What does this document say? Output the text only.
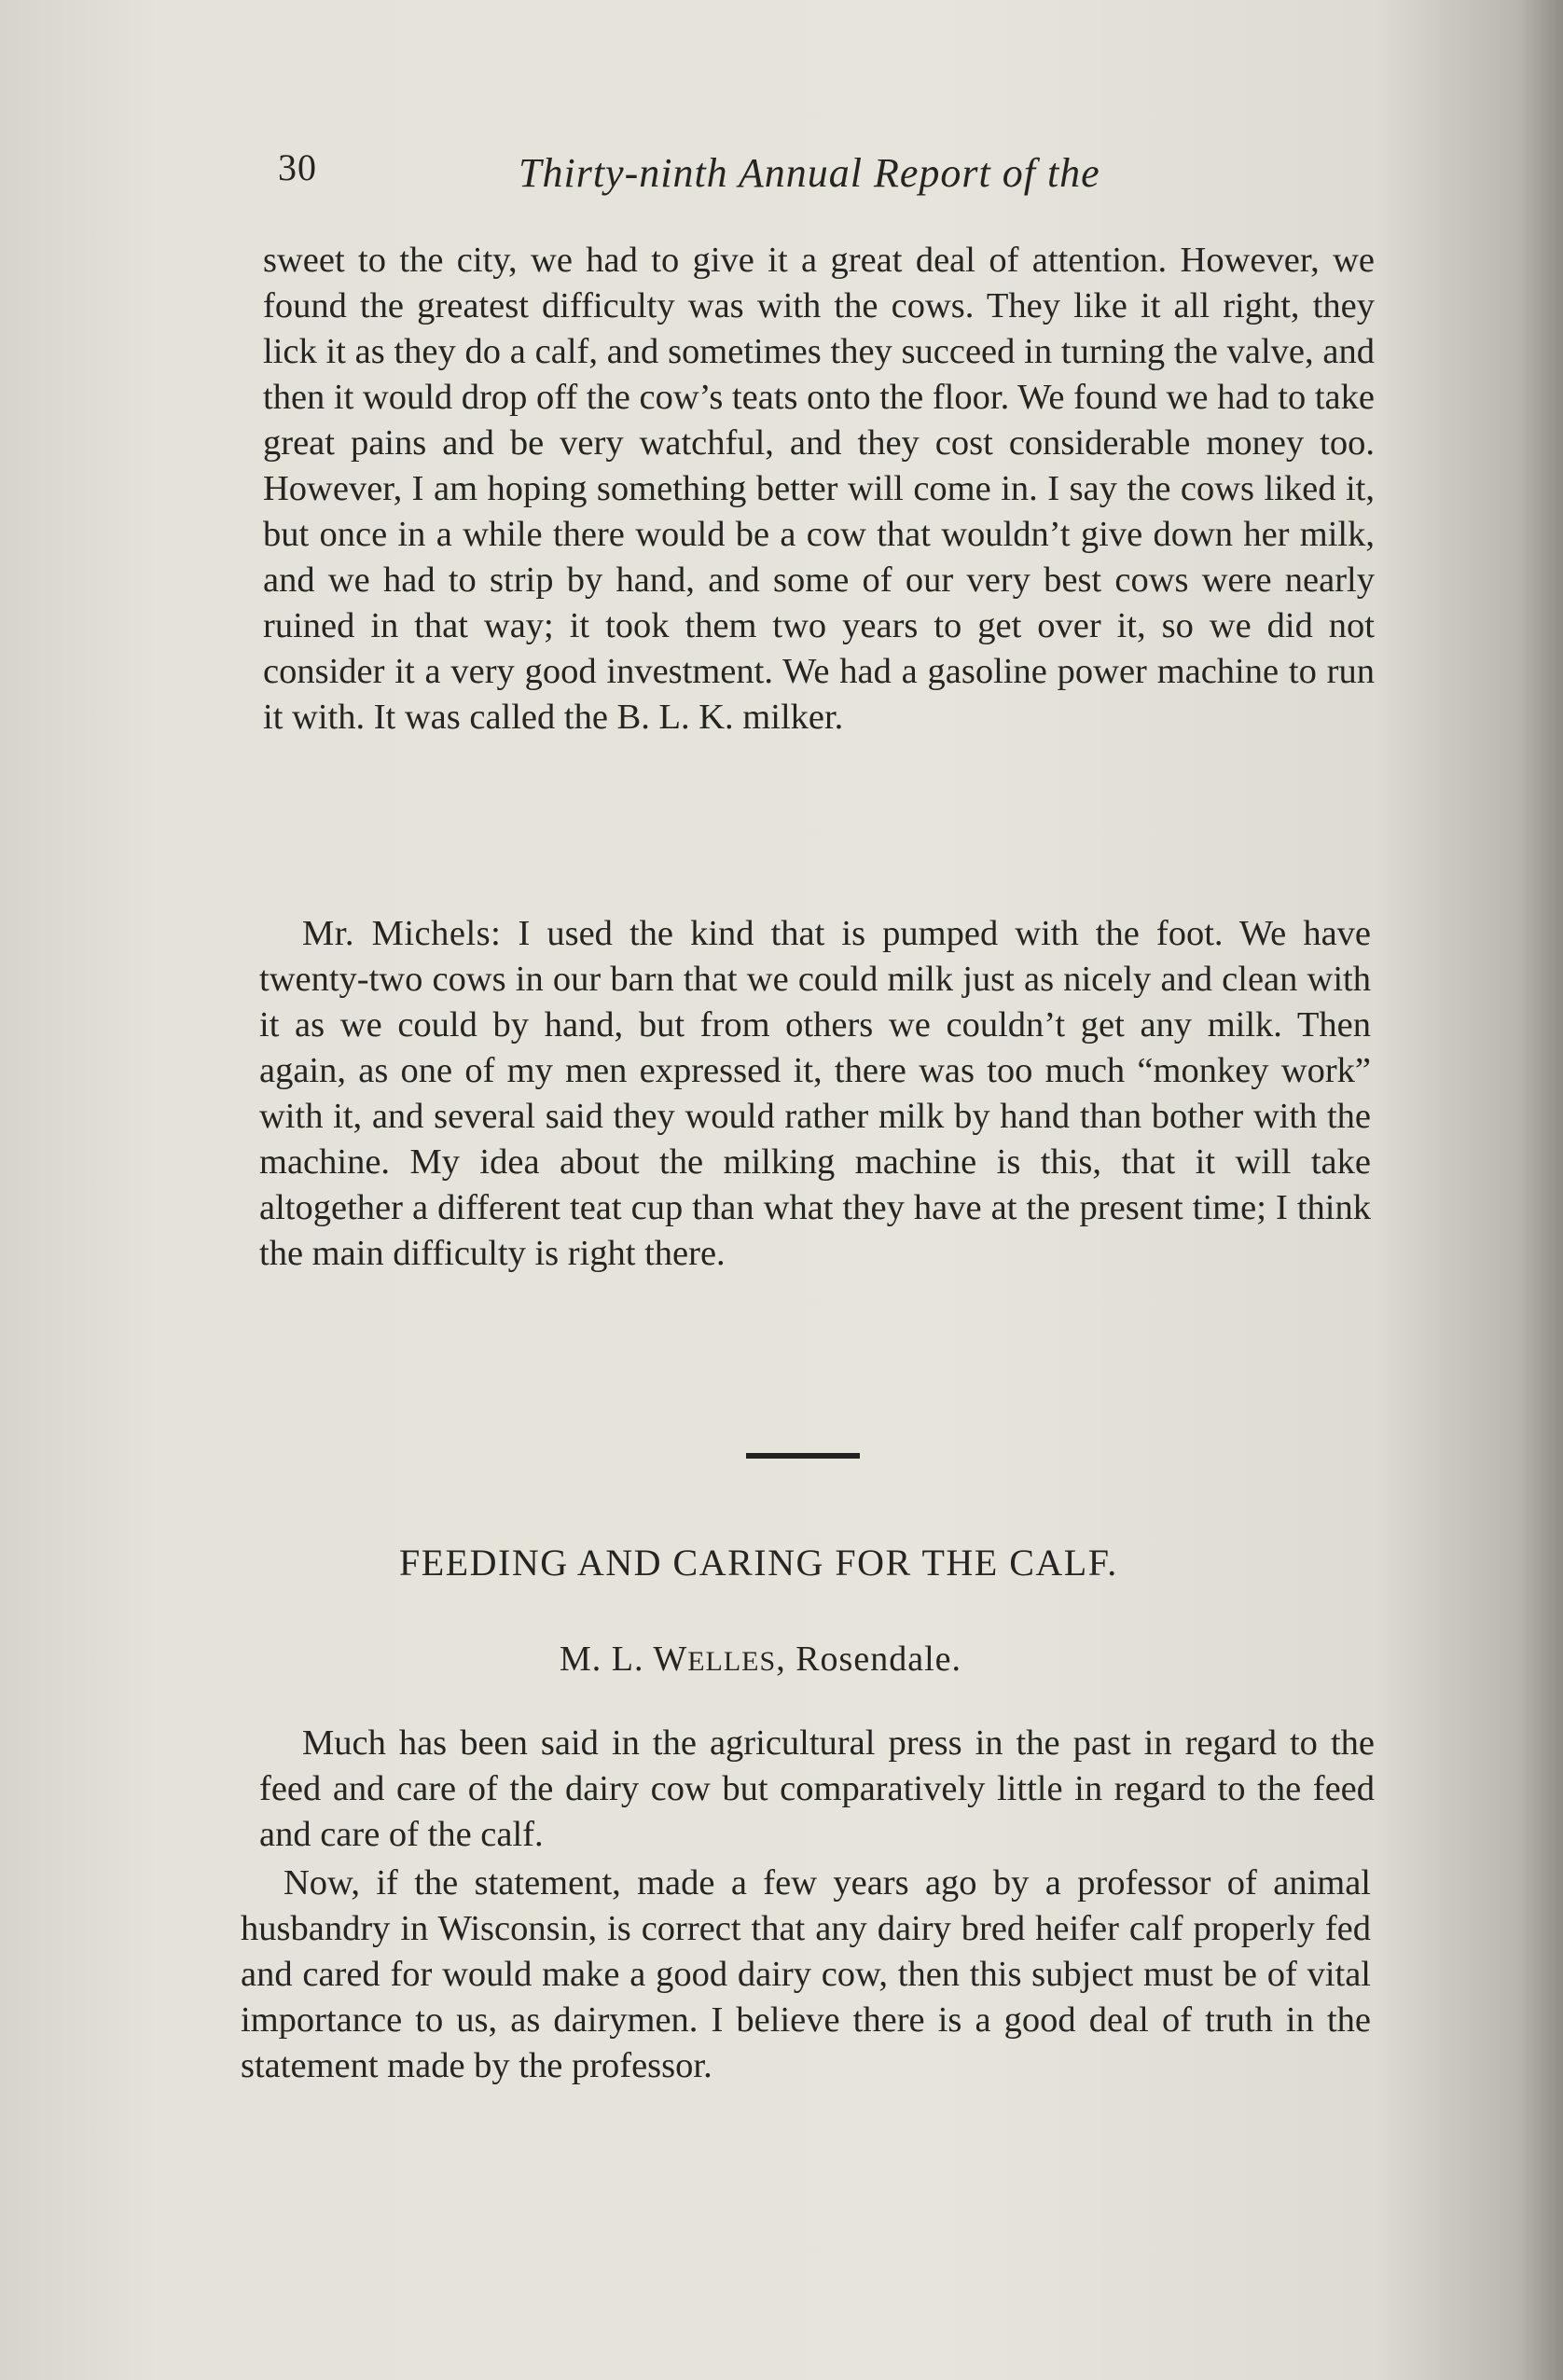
30	Thirty-ninth Annual Report of the

sweet to the city, we had to give it a great deal of attention. However, we found the greatest difficulty was with the cows. They like it all right, they lick it as they do a calf, and sometimes they succeed in turning the valve, and then it would drop off the cow’s teats onto the floor. We found we had to take great pains and be very watchful, and they cost considerable money too. However, I am hoping something better will come in. I say the cows liked it, but once in a while there would be a cow that wouldn’t give down her milk, and we had to strip by hand, and some of our very best cows were nearly ruined in that way; it took them two years to get over it, so we did not consider it a very good investment. We had a gasoline power machine to run it with. It was called the B. L. K. milker.

Mr. Michels: I used the kind that is pumped with the foot. We have twenty-two cows in our barn that we could milk just as nicely and clean with it as we could by hand, but from others we couldn’t get any milk. Then again, as one of my men expressed it, there was too much “monkey work” with it, and several said they would rather milk by hand than bother with the machine. My idea about the milking machine is this, that it will take altogether a different teat cup than what they have at the present time; I think the main difficulty is right there.

FEEDING AND CARING FOR THE CALF.
M. L. WELLES, Rosendale.

Much has been said in the agricultural press in the past in regard to the feed and care of the dairy cow but comparatively little in regard to the feed and care of the calf.

Now, if the statement, made a few years ago by a professor of animal husbandry in Wisconsin, is correct that any dairy bred heifer calf properly fed and cared for would make a good dairy cow, then this subject must be of vital importance to us, as dairymen. I believe there is a good deal of truth in the statement made by the professor.
